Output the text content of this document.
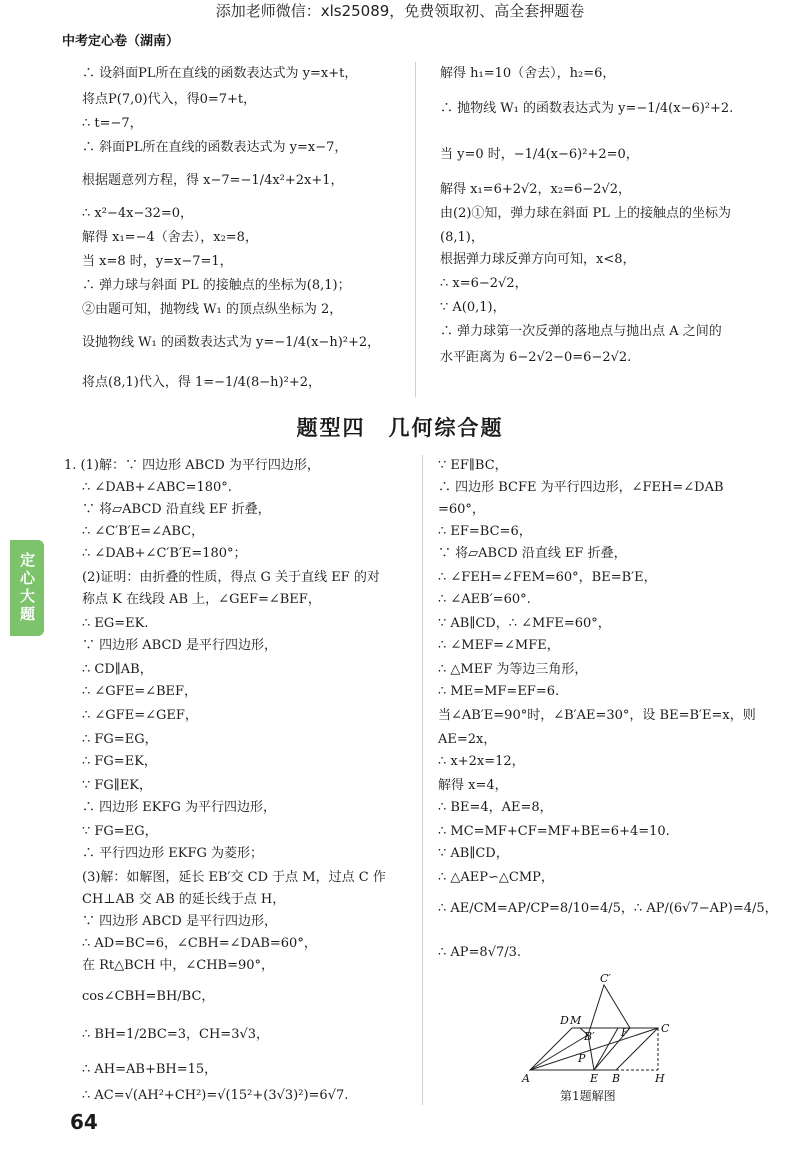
添加老师微信：xls25089，免费领取初、高全套押题卷
中考定心卷（湖南）
∴ 设斜面PL所在直线的函数表达式为 y=x+t，
将点P(7,0)代入，得0=7+t，
∴ t=−7，
∴ 斜面PL所在直线的函数表达式为 y=x−7，
根据题意列方程，得 x−7=−1/4x²+2x+1，
∴ x²−4x−32=0，
解得 x₁=−4（舍去），x₂=8，
当 x=8 时，y=x−7=1，
∴ 弹力球与斜面 PL 的接触点的坐标为(8,1)；
②由题可知，抛物线 W₁ 的顶点纵坐标为 2，
设抛物线 W₁ 的函数表达式为 y=−1/4(x−h)²+2，
将点(8,1)代入，得 1=−1/4(8−h)²+2，
解得 h₁=10（舍去），h₂=6，
∴ 抛物线 W₁ 的函数表达式为 y=−1/4(x−6)²+2.
当 y=0 时，−1/4(x−6)²+2=0，
解得 x₁=6+2√2，x₂=6−2√2，
由(2)①知，弹力球在斜面 PL 上的接触点的坐标为
(8,1)，
根据弹力球反弹方向可知，x<8，
∴ x=6−2√2，
∵ A(0,1)，
∴ 弹力球第一次反弹的落地点与抛出点 A 之间的
水平距离为 6−2√2−0=6−2√2.
题型四　几何综合题
定心大题
1. (1)解：∵ 四边形 ABCD 为平行四边形，
∴ ∠DAB+∠ABC=180°.
∵ 将▱ABCD 沿直线 EF 折叠，
∴ ∠C′B′E=∠ABC，
∴ ∠DAB+∠C′B′E=180°；
(2)证明：由折叠的性质，得点 G 关于直线 EF 的对
称点 K 在线段 AB 上，∠GEF=∠BEF，
∴ EG=EK.
∵ 四边形 ABCD 是平行四边形，
∴ CD∥AB，
∴ ∠GFE=∠BEF，
∴ ∠GFE=∠GEF，
∴ FG=EG，
∴ FG=EK，
∵ FG∥EK，
∴ 四边形 EKFG 为平行四边形，
∵ FG=EG，
∴ 平行四边形 EKFG 为菱形；
(3)解：如解图，延长 EB′交 CD 于点 M，过点 C 作
CH⊥AB 交 AB 的延长线于点 H，
∵ 四边形 ABCD 是平行四边形，
∴ AD=BC=6，∠CBH=∠DAB=60°，
在 Rt△BCH 中，∠CHB=90°，
cos∠CBH=BH/BC，
∴ BH=1/2BC=3，CH=3√3，
∴ AH=AB+BH=15，
∴ AC=√(AH²+CH²)=√(15²+(3√3)²)=6√7.
∵ EF∥BC，
∴ 四边形 BCFE 为平行四边形，∠FEH=∠DAB
=60°，
∴ EF=BC=6，
∵ 将▱ABCD 沿直线 EF 折叠，
∴ ∠FEH=∠FEM=60°，BE=B′E，
∴ ∠AEB′=60°.
∵ AB∥CD，∴ ∠MFE=60°，
∴ ∠MEF=∠MFE，
∴ △MEF 为等边三角形，
∴ ME=MF=EF=6.
当∠AB′E=90°时，∠B′AE=30°，设 BE=B′E=x，则
AE=2x，
∴ x+2x=12，
解得 x=4，
∴ BE=4，AE=8，
∴ MC=MF+CF=MF+BE=6+4=10.
∵ AB∥CD，
∴ △AEP∽△CMP，
∴ AE/CM=AP/CP=8/10=4/5，∴ AP/(6√7−AP)=4/5，
∴ AP=8√7/3.
C′
D M
B′ F	C
P
A	E B	H
第1题解图
64
